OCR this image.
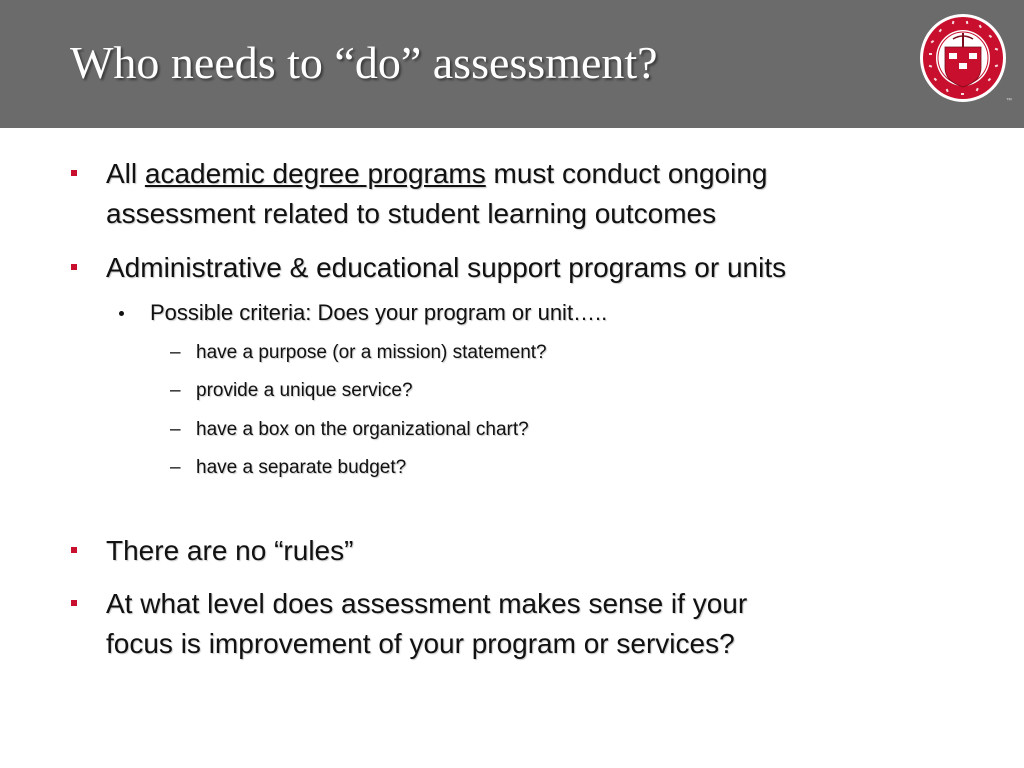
Who needs to “do” assessment?
™
All academic degree programs must conduct ongoing
assessment related to student learning outcomes
Administrative & educational support programs or units
Possible criteria: Does your program or unit…..
– have a purpose (or a mission) statement?
– provide a unique service?
– have a box on the organizational chart?
– have a separate budget?
There are no “rules”
At what level does assessment makes sense if your
focus is improvement of your program or services?
